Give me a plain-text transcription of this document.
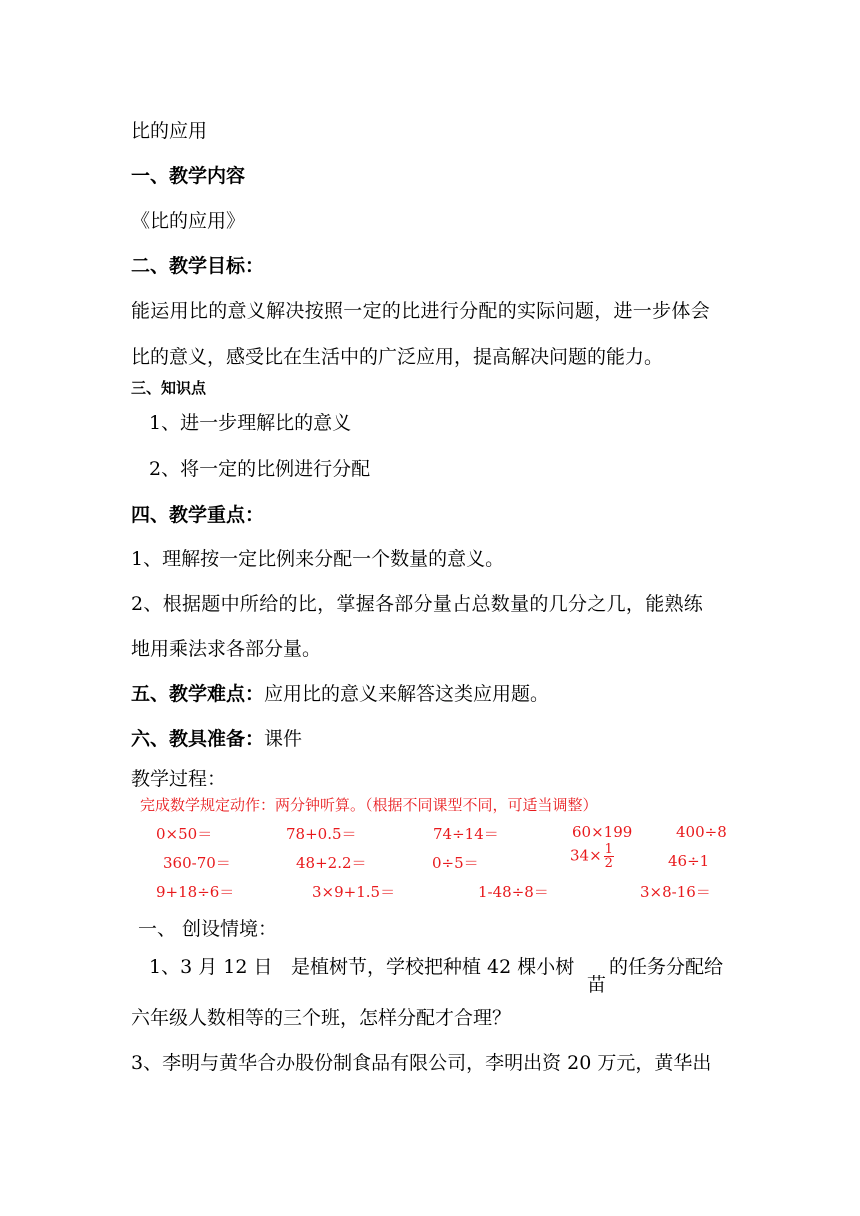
比的应用
一、教学内容
《比的应用》
二、教学目标：
能运用比的意义解决按照一定的比进行分配的实际问题，进一步体会
比的意义，感受比在生活中的广泛应用，提高解决问题的能力。
三、知识点
1、进一步理解比的意义
2、将一定的比例进行分配
四、教学重点：
1、理解按一定比例来分配一个数量的意义。
2、根据题中所给的比，掌握各部分量占总数量的几分之几，能熟练
地用乘法求各部分量。
五、教学难点：应用比的意义来解答这类应用题。
六、教具准备：课件
教学过程：
完成数学规定动作：两分钟听算。（根据不同课型不同，可适当调整）
0×50＝	78+0.5＝	74÷14＝	60×199	400÷8
360-70＝	48+2.2＝	0÷5＝	$34\times \frac{1}{2}$	46÷1
9+18÷6＝	3×9+1.5＝	1-48÷8＝	3×8-16＝
一、 创设情境：
1、3 月 12 日 是植树节，学校把种植 42 棵小树
苗
的任务分配给
六年级人数相等的三个班，怎样分配才合理？
3、李明与黄华合办股份制食品有限公司，李明出资 20 万元，黄华出
